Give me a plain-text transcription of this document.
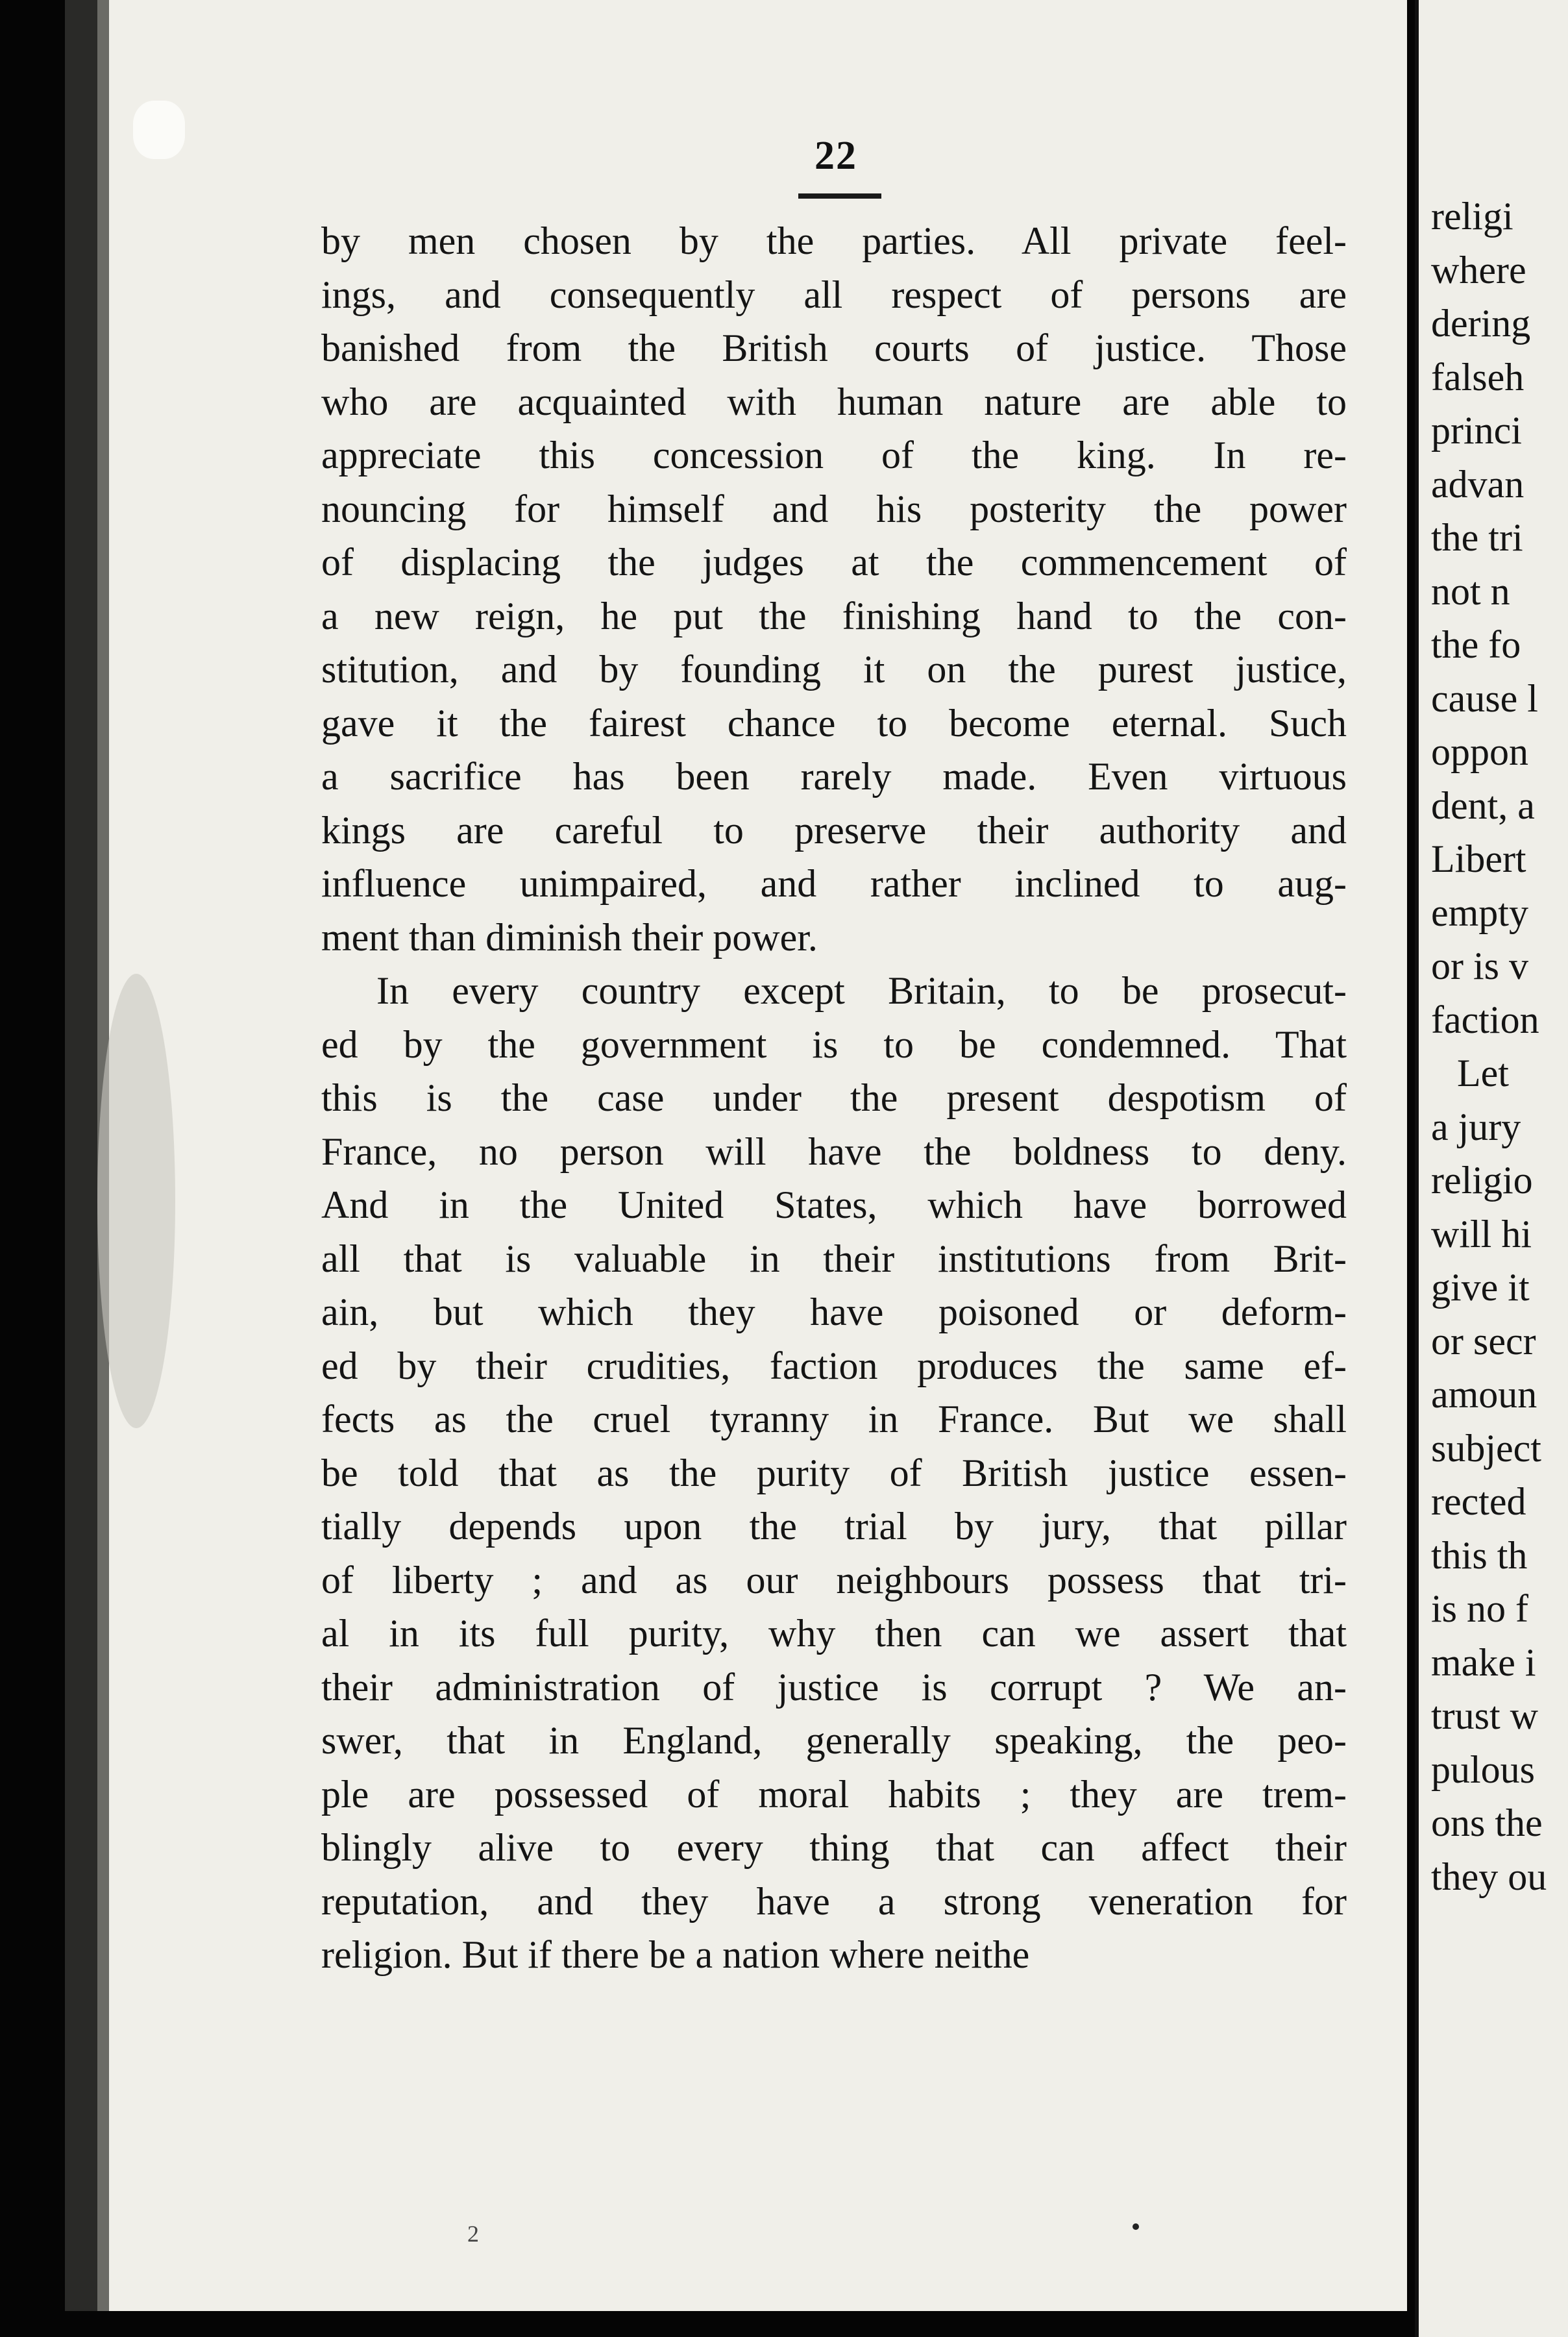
22
by men chosen by the parties. All private feel-
ings, and consequently all respect of persons are
banished from the British courts of justice. Those
who are acquainted with human nature are able to
appreciate this concession of the king. In re-
nouncing for himself and his posterity the power
of displacing the judges at the commencement of
a new reign, he put the finishing hand to the con-
stitution, and by founding it on the purest justice,
gave it the fairest chance to become eternal. Such
a sacrifice has been rarely made. Even virtuous
kings are careful to preserve their authority and
influence unimpaired, and rather inclined to aug-
ment than diminish their power.
In every country except Britain, to be prosecut-
ed by the government is to be condemned. That
this is the case under the present despotism of
France, no person will have the boldness to deny.
And in the United States, which have borrowed
all that is valuable in their institutions from Brit-
ain, but which they have poisoned or deform-
ed by their crudities, faction produces the same ef-
fects as the cruel tyranny in France. But we shall
be told that as the purity of British justice essen-
tially depends upon the trial by jury, that pillar
of liberty ; and as our neighbours possess that tri-
al in its full purity, why then can we assert that
their administration of justice is corrupt ? We an-
swer, that in England, generally speaking, the peo-
ple are possessed of moral habits ; they are trem-
blingly alive to every thing that can affect their
reputation, and they have a strong veneration for
religion. But if there be a nation where neithe
religi
where
dering
falseh
princi
advan
the tri
not n
the fo
cause l
oppon
dent, a
Libert
empty
or is v
faction
Let
a jury
religio
will hi
give it
or secr
amoun
subject
rected
this th
is no f
make i
trust w
pulous
ons the
they ou
2
